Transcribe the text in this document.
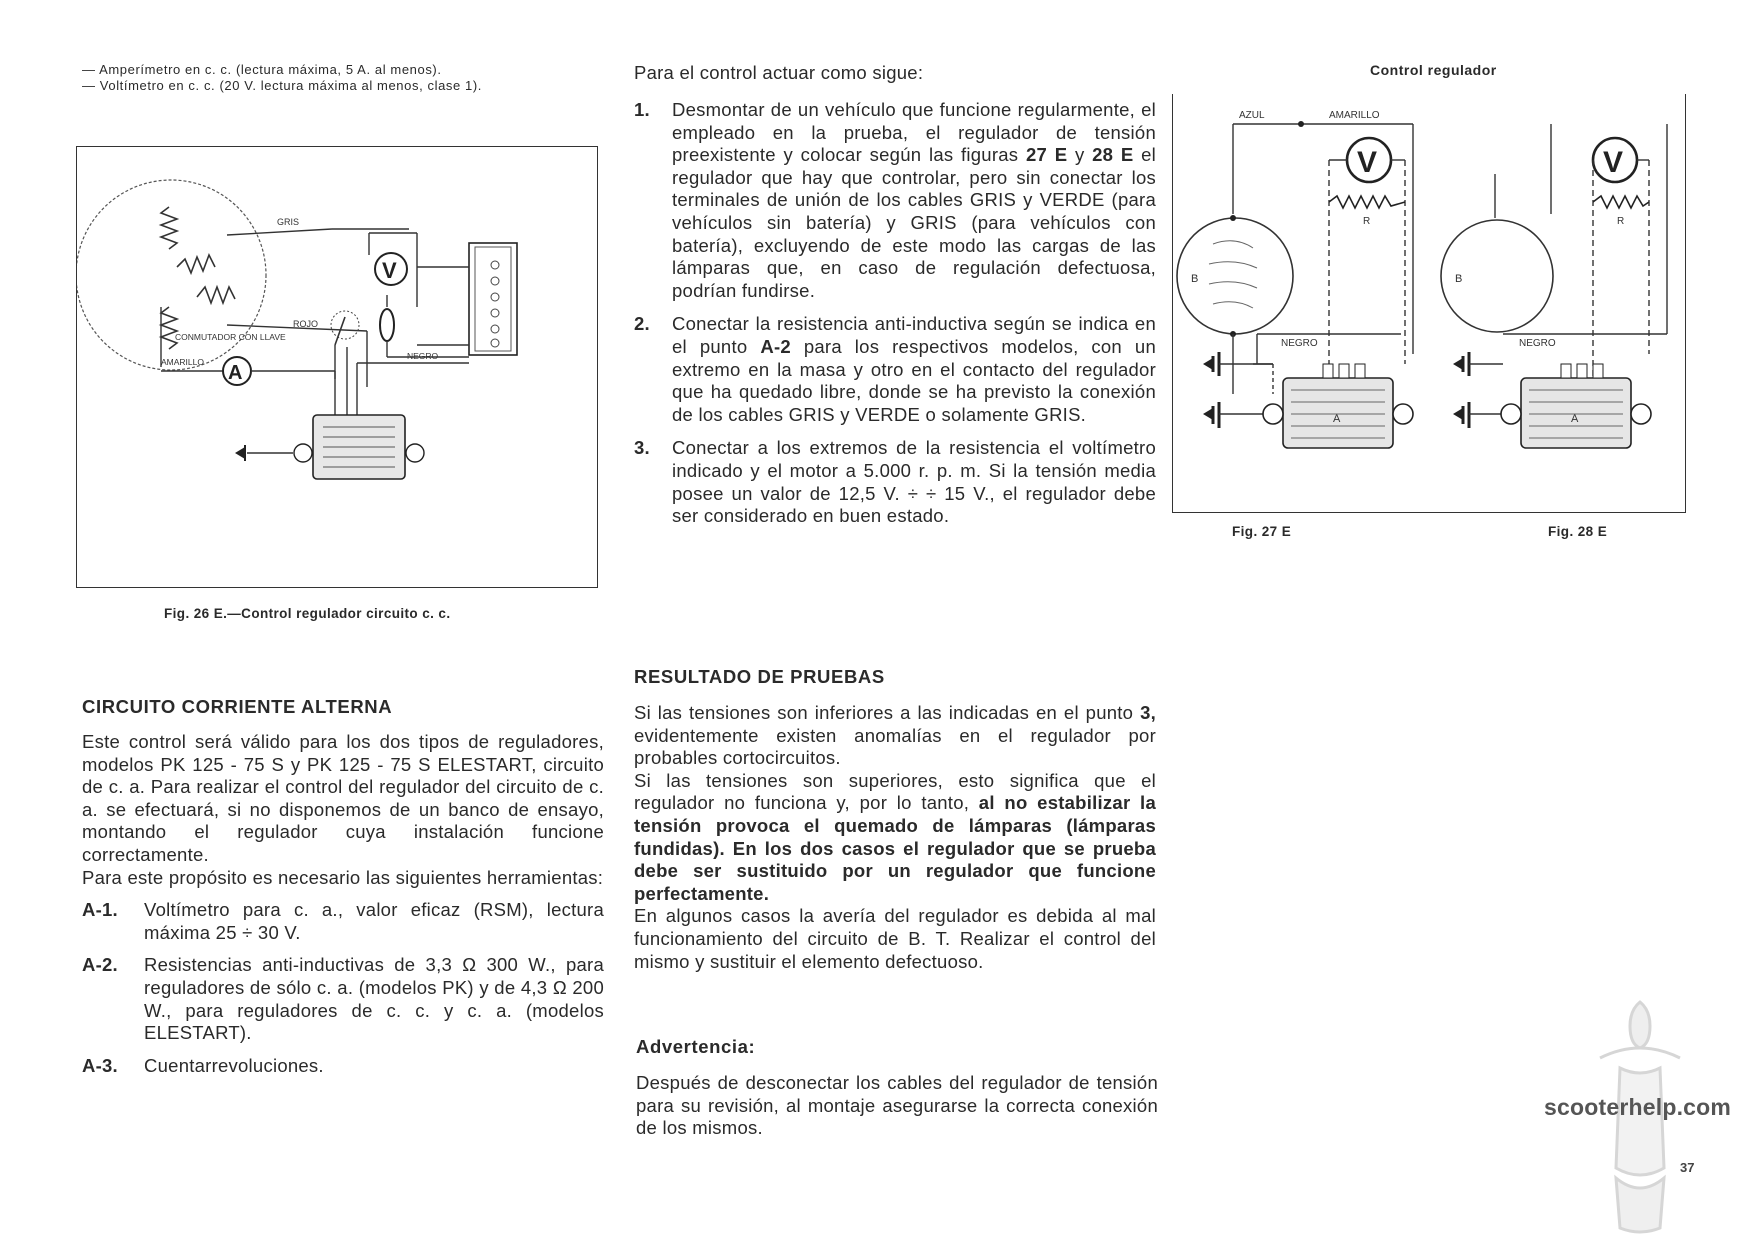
— Amperímetro en c. c. (lectura máxima, 5 A. al menos).
— Voltímetro en c. c. (20 V. lectura máxima al menos, clase 1).
GRIS
ROJO
V
CONMUTADOR CON LLAVE
NEGRO
AMARILLO A
Fig. 26 E.—Control regulador circuito c. c.
Para el control actuar como sigue:
1. Desmontar de un vehículo que funcione regularmente, el empleado en la prueba, el regulador de tensión preexistente y colocar según las figuras 27 E y 28 E el regulador que hay que controlar, pero sin conectar los terminales de unión de los cables GRIS y VERDE (para vehículos sin batería) y GRIS (para vehículos con batería), excluyendo de este modo las cargas de las lámparas que, en caso de regulación defectuosa, podrían fundirse.
2. Conectar la resistencia anti-inductiva según se indica en el punto A-2 para los respectivos modelos, con un extremo en la masa y otro en el contacto del regulador que ha quedado libre, donde se ha previsto la conexión de los cables GRIS y VERDE o solamente GRIS.
3. Conectar a los extremos de la resistencia el voltímetro indicado y el motor a 5.000 r. p. m. Si la tensión media posee un valor de 12,5 V. ÷ ÷ 15 V., el regulador debe ser considerado en buen estado.
Control regulador
AZUL	AMARILLO
B
V
R
NEGRO
A
B
V
R
NEGRO
A
Fig. 27 E	Fig. 28 E
CIRCUITO CORRIENTE ALTERNA

Este control será válido para los dos tipos de reguladores, modelos PK 125 - 75 S y PK 125 - 75 S ELESTART, circuito de c. a. Para realizar el control del regulador del circuito de c. a. se efectuará, si no disponemos de un banco de ensayo, montando el regulador cuya instalación funcione correctamente.

Para este propósito es necesario las siguientes herramientas:

A-1. Voltímetro para c. a., valor eficaz (RSM), lectura máxima 25 ÷ 30 V.
A-2. Resistencias anti-inductivas de 3,3 Ω 300 W., para reguladores de sólo c. a. (modelos PK) y de 4,3 Ω 200 W., para reguladores de c. c. y c. a. (modelos ELESTART).
A-3. Cuentarrevoluciones.
RESULTADO DE PRUEBAS

Si las tensiones son inferiores a las indicadas en el punto 3, evidentemente existen anomalías en el regulador por probables cortocircuitos.

Si las tensiones son superiores, esto significa que el regulador no funciona y, por lo tanto, al no estabilizar la tensión provoca el quemado de lámparas (lámparas fundidas). En los dos casos el regulador que se prueba debe ser sustituido por un regulador que funcione perfectamente.

En algunos casos la avería del regulador es debida al mal funcionamiento del circuito de B. T. Realizar el control del mismo y sustituir el elemento defectuoso.

Advertencia:
Después de desconectar los cables del regulador de tensión para su revisión, al montaje asegurarse la correcta conexión de los mismos.
scooterhelp.com
37
